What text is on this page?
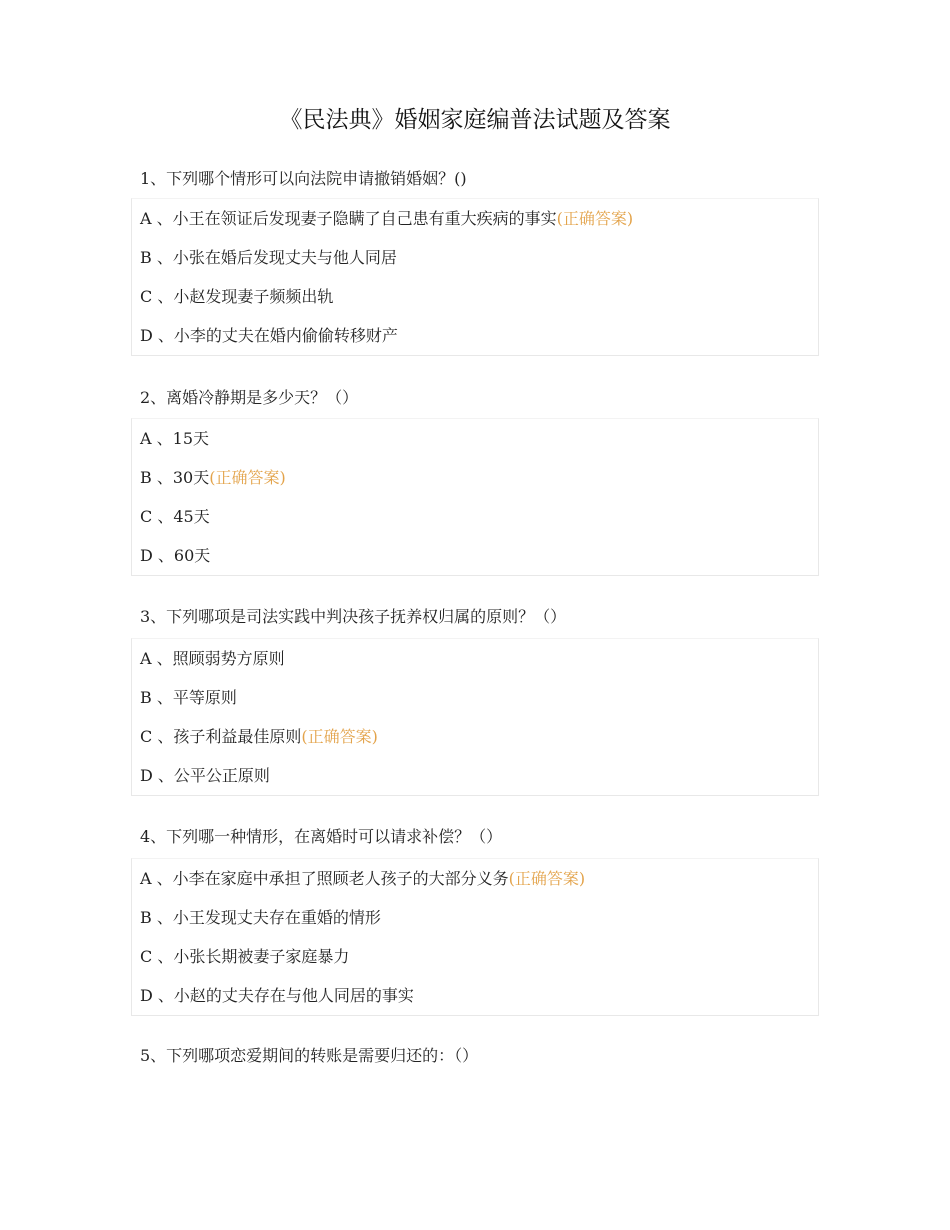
《民法典》婚姻家庭编普法试题及答案
1、下列哪个情形可以向法院申请撤销婚姻？()
A 、小王在领证后发现妻子隐瞒了自己患有重大疾病的事实(正确答案)
B 、小张在婚后发现丈夫与他人同居
C 、小赵发现妻子频频出轨
D 、小李的丈夫在婚内偷偷转移财产
2、离婚冷静期是多少天？（）
A 、15天
B 、30天(正确答案)
C 、45天
D 、60天
3、下列哪项是司法实践中判决孩子抚养权归属的原则？（）
A 、照顾弱势方原则
B 、平等原则
C 、孩子利益最佳原则(正确答案)
D 、公平公正原则
4、下列哪一种情形，在离婚时可以请求补偿？（）
A 、小李在家庭中承担了照顾老人孩子的大部分义务(正确答案)
B 、小王发现丈夫存在重婚的情形
C 、小张长期被妻子家庭暴力
D 、小赵的丈夫存在与他人同居的事实
5、下列哪项恋爱期间的转账是需要归还的：（）
